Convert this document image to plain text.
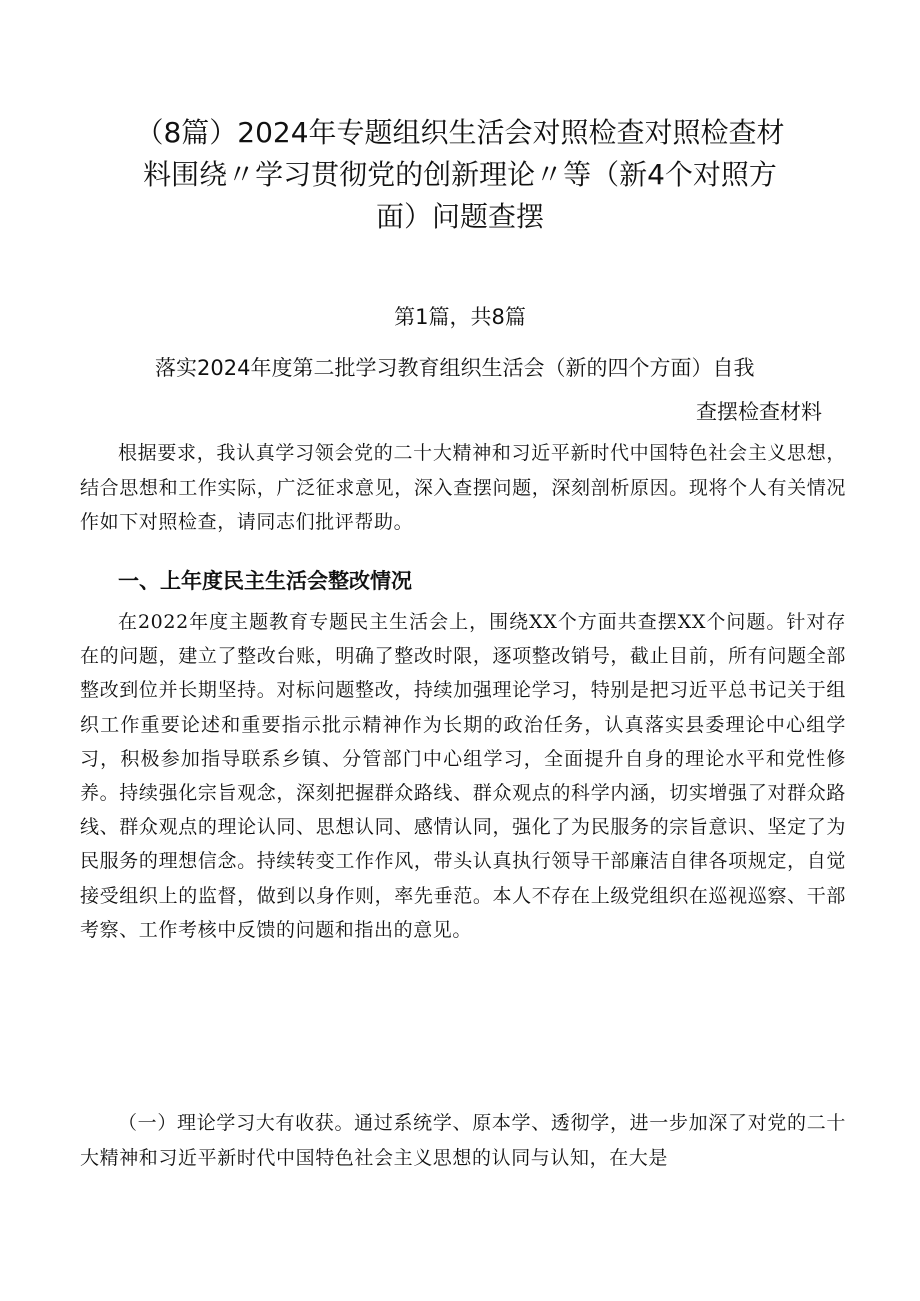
（8篇）2024年专题组织生活会对照检查对照检查材
料围绕〃学习贯彻党的创新理论〃等（新4个对照方
面）问题查摆

第1篇，共8篇

落实2024年度第二批学习教育组织生活会（新的四个方面）自我
查摆检查材料

根据要求，我认真学习领会党的二十大精神和习近平新时代中国特色社会主义思想，结合思想和工作实际，广泛征求意见，深入查摆问题，深刻剖析原因。现将个人有关情况作如下对照检查，请同志们批评帮助。

一、上年度民主生活会整改情况

在2022年度主题教育专题民主生活会上，围绕XX个方面共查摆XX个问题。针对存在的问题，建立了整改台账，明确了整改时限，逐项整改销号，截止目前，所有问题全部整改到位并长期坚持。对标问题整改，持续加强理论学习，特别是把习近平总书记关于组织工作重要论述和重要指示批示精神作为长期的政治任务，认真落实县委理论中心组学习，积极参加指导联系乡镇、分管部门中心组学习，全面提升自身的理论水平和党性修养。持续强化宗旨观念，深刻把握群众路线、群众观点的科学内涵，切实增强了对群众路线、群众观点的理论认同、思想认同、感情认同，强化了为民服务的宗旨意识、坚定了为民服务的理想信念。持续转变工作作风，带头认真执行领导干部廉洁自律各项规定，自觉接受组织上的监督，做到以身作则，率先垂范。本人不存在上级党组织在巡视巡察、干部考察、工作考核中反馈的问题和指出的意见。

（一）理论学习大有收获。通过系统学、原本学、透彻学，进一步加深了对党的二十大精神和习近平新时代中国特色社会主义思想的认同与认知，在大是
